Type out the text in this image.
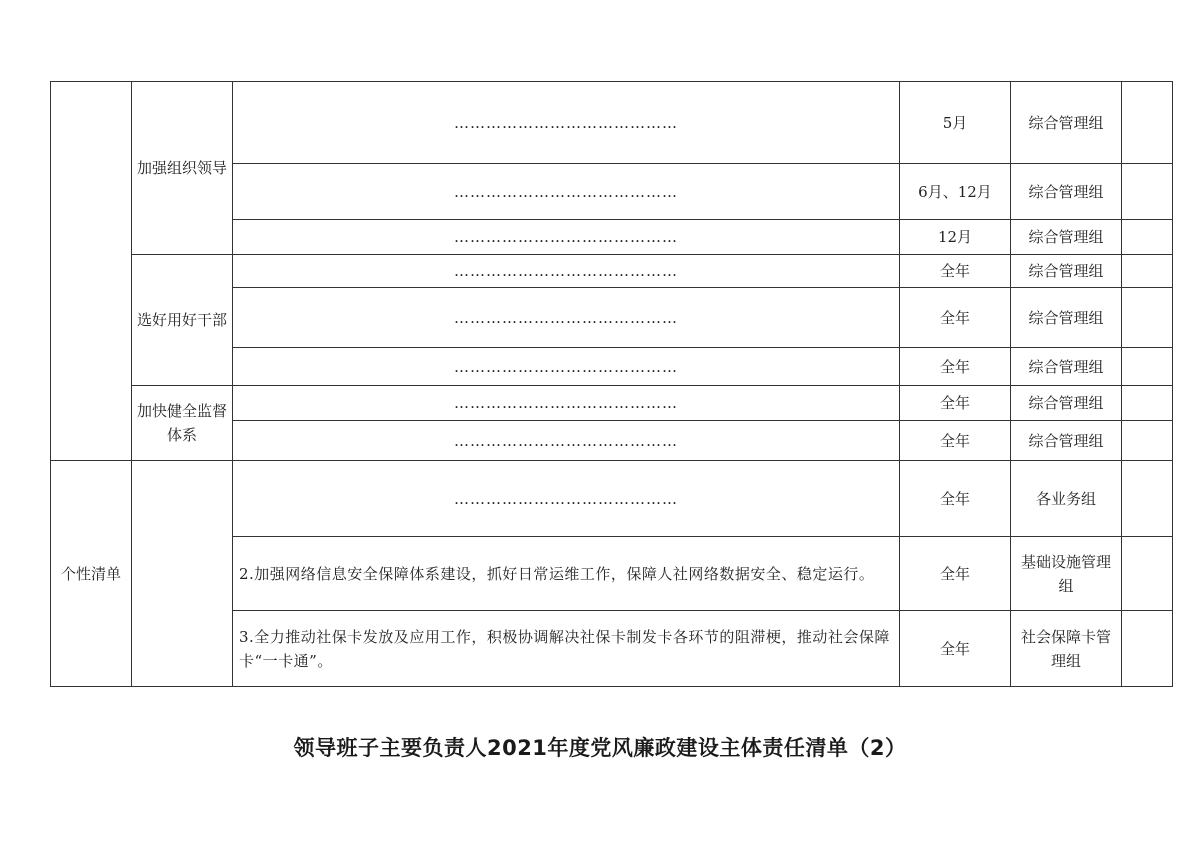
	加强组织领导	……………………………………	5月	综合管理组	
		……………………………………	6月、12月	综合管理组	
		……………………………………	12月	综合管理组	
	选好用好干部	……………………………………	全年	综合管理组	
		……………………………………	全年	综合管理组	
		……………………………………	全年	综合管理组	
	加快健全监督体系	……………………………………	全年	综合管理组	
		……………………………………	全年	综合管理组	
个性清单		……………………………………	全年	各业务组	
		2.加强网络信息安全保障体系建设，抓好日常运维工作，保障人社网络数据安全、稳定运行。	全年	基础设施管理组	
		3.全力推动社保卡发放及应用工作，积极协调解决社保卡制发卡各环节的阻滞梗，推动社会保障卡“一卡通”。	全年	社会保障卡管理组	
领导班子主要负责人2021年度党风廉政建设主体责任清单（2）
